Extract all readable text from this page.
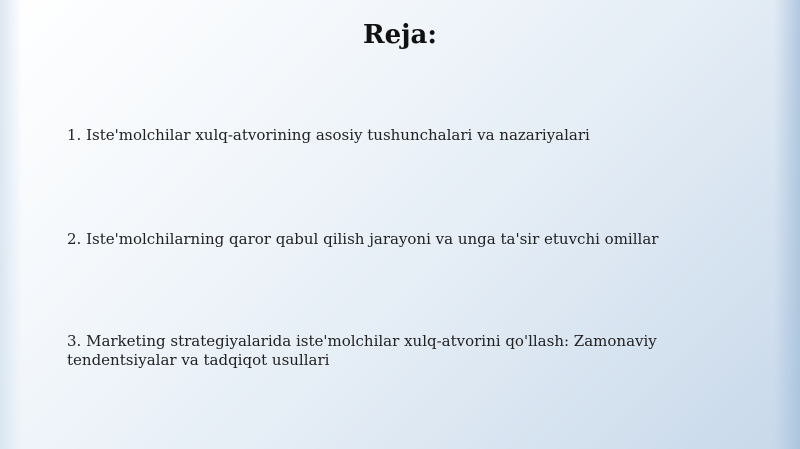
Reja:

1. Iste'molchilar xulq-atvorining asosiy tushunchalari va nazariyalari

2. Iste'molchilarning qaror qabul qilish jarayoni va unga ta'sir etuvchi omillar

3. Marketing strategiyalarida iste'molchilar xulq-atvorini qo'llash: Zamonaviy tendentsiyalar va tadqiqot usullari
